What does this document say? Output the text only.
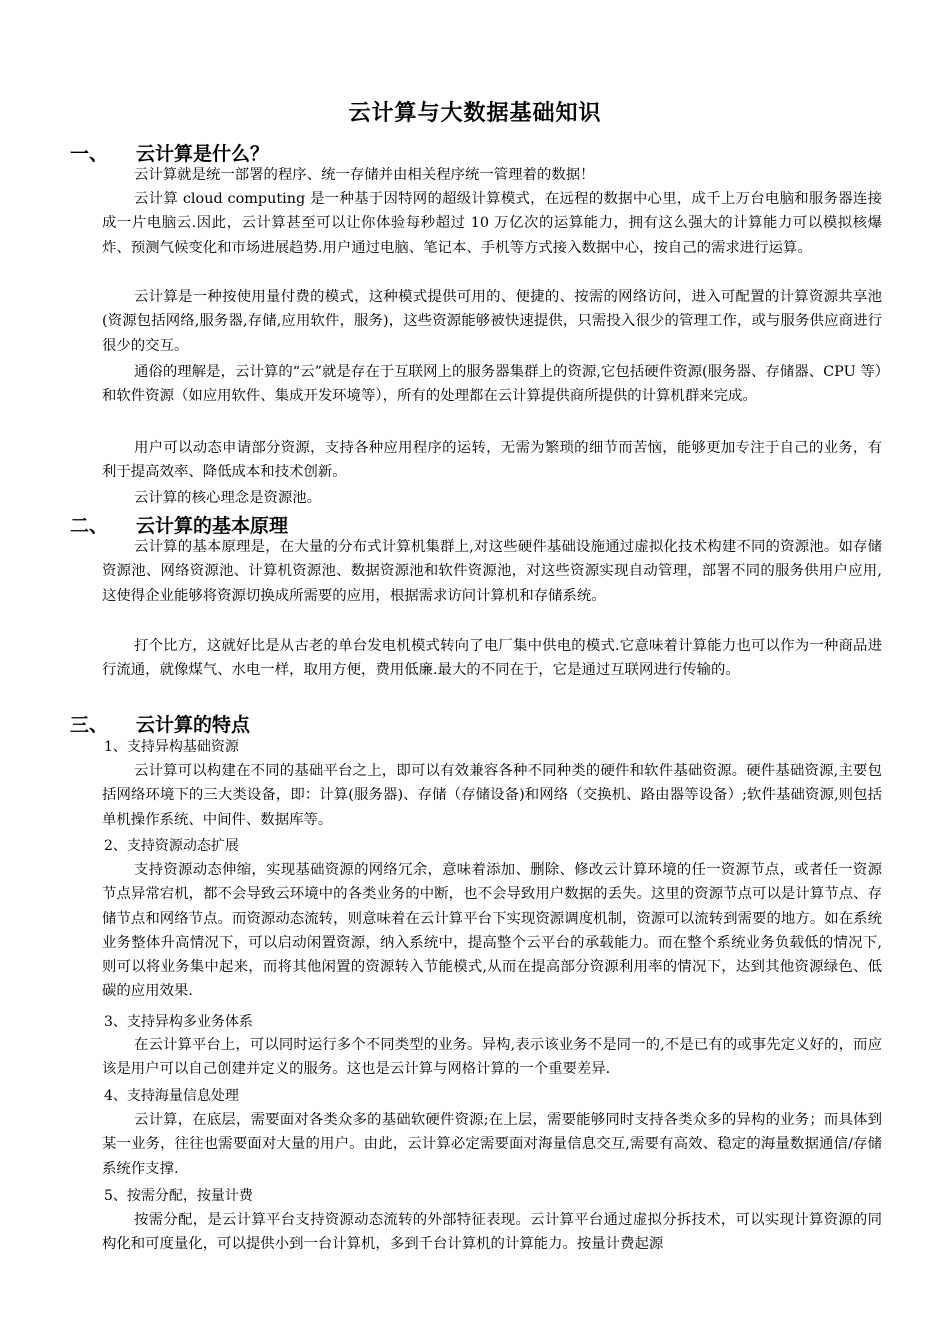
云计算与大数据基础知识
一、 云计算是什么？
云计算就是统一部署的程序、统一存储并由相关程序统一管理着的数据！
云计算 cloud computing 是一种基于因特网的超级计算模式，在远程的数据中心里，成千上万台电脑和服务器连接成一片电脑云.因此，云计算甚至可以让你体验每秒超过 10 万亿次的运算能力，拥有这么强大的计算能力可以模拟核爆炸、预测气候变化和市场进展趋势.用户通过电脑、笔记本、手机等方式接入数据中心，按自己的需求进行运算。
云计算是一种按使用量付费的模式，这种模式提供可用的、便捷的、按需的网络访问，进入可配置的计算资源共享池(资源包括网络,服务器,存储,应用软件，服务)，这些资源能够被快速提供，只需投入很少的管理工作，或与服务供应商进行很少的交互。
通俗的理解是，云计算的“云”就是存在于互联网上的服务器集群上的资源,它包括硬件资源(服务器、存储器、CPU 等）和软件资源（如应用软件、集成开发环境等），所有的处理都在云计算提供商所提供的计算机群来完成。
用户可以动态申请部分资源，支持各种应用程序的运转，无需为繁琐的细节而苦恼，能够更加专注于自己的业务，有利于提高效率、降低成本和技术创新。
云计算的核心理念是资源池。
二、 云计算的基本原理
云计算的基本原理是，在大量的分布式计算机集群上,对这些硬件基础设施通过虚拟化技术构建不同的资源池。如存储资源池、网络资源池、计算机资源池、数据资源池和软件资源池，对这些资源实现自动管理，部署不同的服务供用户应用,这使得企业能够将资源切换成所需要的应用，根据需求访问计算机和存储系统。
打个比方，这就好比是从古老的单台发电机模式转向了电厂集中供电的模式.它意味着计算能力也可以作为一种商品进行流通，就像煤气、水电一样，取用方便，费用低廉.最大的不同在于，它是通过互联网进行传输的。
三、 云计算的特点
1、支持异构基础资源
云计算可以构建在不同的基础平台之上，即可以有效兼容各种不同种类的硬件和软件基础资源。硬件基础资源,主要包括网络环境下的三大类设备，即：计算(服务器)、存储（存储设备)和网络（交换机、路由器等设备）;软件基础资源,则包括单机操作系统、中间件、数据库等。
2、支持资源动态扩展
支持资源动态伸缩，实现基础资源的网络冗余，意味着添加、删除、修改云计算环境的任一资源节点，或者任一资源节点异常宕机，都不会导致云环境中的各类业务的中断，也不会导致用户数据的丢失。这里的资源节点可以是计算节点、存储节点和网络节点。而资源动态流转，则意味着在云计算平台下实现资源调度机制，资源可以流转到需要的地方。如在系统业务整体升高情况下，可以启动闲置资源，纳入系统中，提高整个云平台的承载能力。而在整个系统业务负载低的情况下,则可以将业务集中起来，而将其他闲置的资源转入节能模式,从而在提高部分资源利用率的情况下，达到其他资源绿色、低碳的应用效果.
3、支持异构多业务体系
在云计算平台上，可以同时运行多个不同类型的业务。异构,表示该业务不是同一的,不是已有的或事先定义好的，而应该是用户可以自己创建并定义的服务。这也是云计算与网格计算的一个重要差异.
4、支持海量信息处理
云计算，在底层，需要面对各类众多的基础软硬件资源;在上层，需要能够同时支持各类众多的异构的业务；而具体到某一业务，往往也需要面对大量的用户。由此，云计算必定需要面对海量信息交互,需要有高效、稳定的海量数据通信/存储系统作支撑.
5、按需分配，按量计费
按需分配，是云计算平台支持资源动态流转的外部特征表现。云计算平台通过虚拟分拆技术，可以实现计算资源的同构化和可度量化，可以提供小到一台计算机，多到千台计算机的计算能力。按量计费起源
